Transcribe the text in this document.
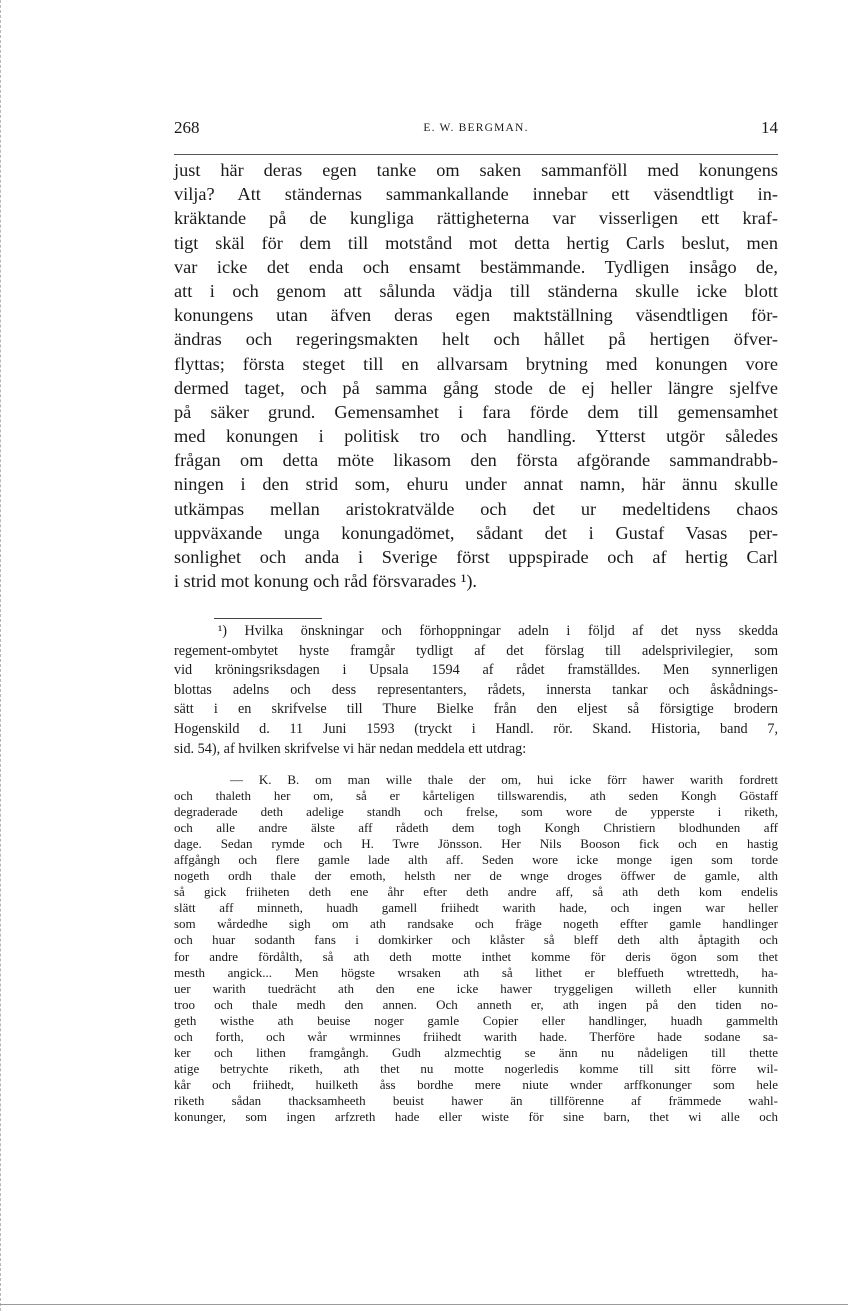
268	E. W. BERGMAN.	14
just här deras egen tanke om saken sammanföll med konungens
vilja? Att ständernas sammankallande innebar ett väsendtligt in-
kräktande på de kungliga rättigheterna var visserligen ett kraf-
tigt skäl för dem till motstånd mot detta hertig Carls beslut, men
var icke det enda och ensamt bestämmande. Tydligen insågo de,
att i och genom att sålunda vädja till ständerna skulle icke blott
konungens utan äfven deras egen maktställning väsendtligen för-
ändras och regeringsmakten helt och hållet på hertigen öfver-
flyttas; första steget till en allvarsam brytning med konungen vore
dermed taget, och på samma gång stode de ej heller längre sjelfve
på säker grund. Gemensamhet i fara förde dem till gemensamhet
med konungen i politisk tro och handling. Ytterst utgör således
frågan om detta möte likasom den första afgörande sammandrabb-
ningen i den strid som, ehuru under annat namn, här ännu skulle
utkämpas mellan aristokratvälde och det ur medeltidens chaos
uppväxande unga konungadömet, sådant det i Gustaf Vasas per-
sonlighet och anda i Sverige först uppspirade och af hertig Carl
i strid mot konung och råd försvarades ¹).
¹) Hvilka önskningar och förhoppningar adeln i följd af det nyss skedda
regement-ombytet hyste framgår tydligt af det förslag till adelsprivilegier, som
vid kröningsriksdagen i Upsala 1594 af rådet framställdes. Men synnerligen
blottas adelns och dess representanters, rådets, innersta tankar och åskådnings-
sätt i en skrifvelse till Thure Bielke från den eljest så försigtige brodern
Hogenskild d. 11 Juni 1593 (tryckt i Handl. rör. Skand. Historia, band 7,
sid. 54), af hvilken skrifvelse vi här nedan meddela ett utdrag:
— K. B. om man wille thale der om, hui icke förr hawer warith fordrett
och thaleth her om, så er kårteligen tillswarendis, ath seden Kongh Göstaff
degraderade deth adelige standh och frelse, som wore de ypperste i riketh,
och alle andre älste aff rådeth dem togh Kongh Christiern blodhunden aff
dage. Sedan rymde och H. Twre Jönsson. Her Nils Booson fick och en hastig
affgångh och flere gamle lade alth aff. Seden wore icke monge igen som torde
nogeth ordh thale der emoth, helsth ner de wnge droges öffwer de gamle, alth
så gick friiheten deth ene åhr efter deth andre aff, så ath deth kom endelis
slätt aff minneth, huadh gamell friihedt warith hade, och ingen war heller
som wårdedhe sigh om ath randsake och fräge nogeth effter gamle handlinger
och huar sodanth fans i domkirker och klåster så bleff deth alth åptagith och
for andre fördålth, så ath deth motte inthet komme för deris ögon som thet
mesth angick... Men högste wrsaken ath så lithet er bleffueth wtrettedh, ha-
uer warith tuedrächt ath den ene icke hawer tryggeligen willeth eller kunnith
troo och thale medh den annen. Och anneth er, ath ingen på den tiden no-
geth wisthe ath beuise noger gamle Copier eller handlinger, huadh gammelth
och forth, och wår wrminnes friihedt warith hade. Therföre hade sodane sa-
ker och lithen framgångh. Gudh alzmechtig se änn nu nådeligen till thette
atige betrychte riketh, ath thet nu motte nogerledis komme till sitt förre wil-
kår och friihedt, huilketh åss bordhe mere niute wnder arffkonunger som hele
riketh sådan thacksamheeth beuist hawer än tillförenne af främmede wahl-
konunger, som ingen arfzreth hade eller wiste för sine barn, thet wi alle och
